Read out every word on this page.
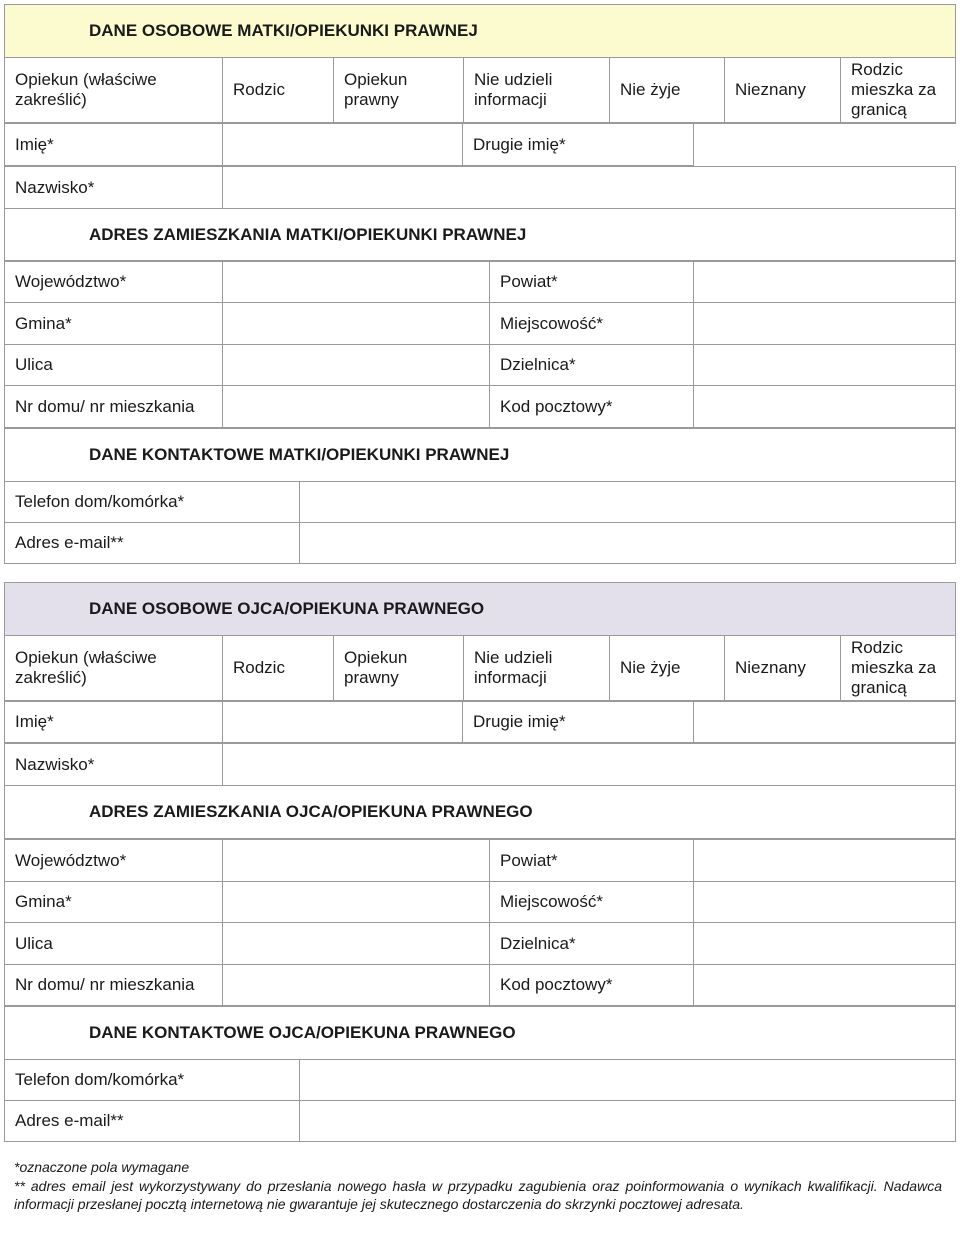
DANE OSOBOWE MATKI/OPIEKUNKI PRAWNEJ
Opiekun (właściwe zakreślić)	Rodzic	Opiekun prawny	Nie udzieli informacji	Nie żyje	Nieznany	Rodzic mieszka za granicą
Imię*		Drugie imię*	
Nazwisko*	
ADRES ZAMIESZKANIA MATKI/OPIEKUNKI PRAWNEJ
Województwo*		Powiat*	
Gmina*		Miejscowość*	
Ulica		Dzielnica*	
Nr domu/ nr mieszkania		Kod pocztowy*	
DANE KONTAKTOWE MATKI/OPIEKUNKI PRAWNEJ	
Telefon dom/komórka*	
Adres e-mail**	
DANE OSOBOWE OJCA/OPIEKUNA PRAWNEGO
Opiekun (właściwe zakreślić)	Rodzic	Opiekun prawny	Nie udzieli informacji	Nie żyje	Nieznany	Rodzic mieszka za granicą
Imię*		Drugie imię*	
Nazwisko*	
ADRES ZAMIESZKANIA OJCA/OPIEKUNA PRAWNEGO
Województwo*		Powiat*	
Gmina*		Miejscowość*	
Ulica		Dzielnica*	
Nr domu/ nr mieszkania		Kod pocztowy*	
DANE KONTAKTOWE OJCA/OPIEKUNA PRAWNEGO	
Telefon dom/komórka*	
Adres e-mail**	

*oznaczone pola wymagane

** adres email jest wykorzystywany do przesłania nowego hasła w przypadku zagubienia oraz poinformowania o wynikach kwalifikacji. Nadawca informacji przesłanej pocztą internetową nie gwarantuje jej skutecznego dostarczenia do skrzynki pocztowej adresata.
